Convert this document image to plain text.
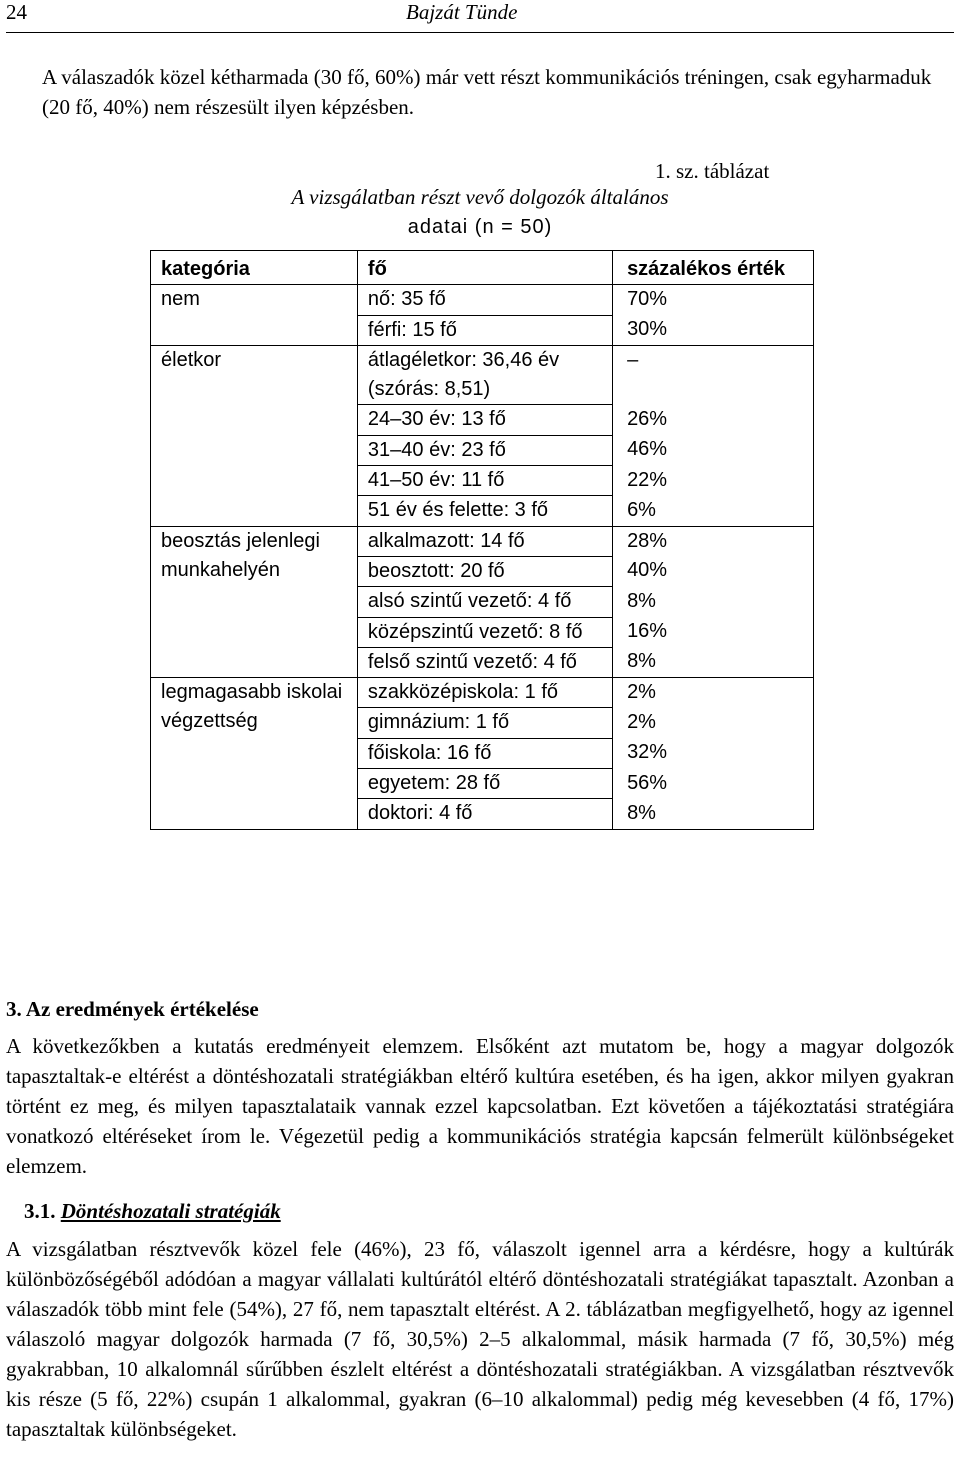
24	Bajzát Tünde
A válaszadók közel kétharmada (30 fő, 60%) már vett részt kommunikációs tréningen, csak egyharmaduk (20 fő, 40%) nem részesült ilyen képzésben.
1. sz. táblázat
A vizsgálatban részt vevő dolgozók általános
adatai (n = 50)
kategória	fő	százalékos érték
nem	nő: 35 fő	70%
	férfi: 15 fő	30%
életkor	átlagéletkor: 36,46 év (szórás: 8,51)	–
	24–30 év: 13 fő	26%
	31–40 év: 23 fő	46%
	41–50 év: 11 fő	22%
	51 év és felette: 3 fő	6%
beosztás jelenlegi munkahelyén	alkalmazott: 14 fő	28%
	beosztott: 20 fő	40%
	alsó szintű vezető: 4 fő	8%
	középszintű vezető: 8 fő	16%
	felső szintű vezető: 4 fő	8%
legmagasabb iskolai végzettség	szakközépiskola: 1 fő	2%
	gimnázium: 1 fő	2%
	főiskola: 16 fő	32%
	egyetem: 28 fő	56%
	doktori: 4 fő	8%
3. Az eredmények értékelése
A következőkben a kutatás eredményeit elemzem. Elsőként azt mutatom be, hogy a magyar dolgozók tapasztaltak-e eltérést a döntéshozatali stratégiákban eltérő kultúra esetében, és ha igen, akkor milyen gyakran történt ez meg, és milyen tapasztalataik vannak ezzel kapcsolatban. Ezt követően a tájékoztatási stratégiára vonatkozó eltéréseket írom le. Végezetül pedig a kommunikációs stratégia kapcsán felmerült különbségeket elemzem.
3.1. Döntéshozatali stratégiák
A vizsgálatban résztvevők közel fele (46%), 23 fő, válaszolt igennel arra a kérdésre, hogy a kultúrák különbözőségéből adódóan a magyar vállalati kultúrától eltérő döntéshozatali stratégiákat tapasztalt. Azonban a válaszadók több mint fele (54%), 27 fő, nem tapasztalt eltérést. A 2. táblázatban megfigyelhető, hogy az igennel válaszoló magyar dolgozók harmada (7 fő, 30,5%) 2–5 alkalommal, másik harmada (7 fő, 30,5%) még gyakrabban, 10 alkalomnál sűrűbben észlelt eltérést a döntéshozatali stratégiákban. A vizsgálatban résztvevők kis része (5 fő, 22%) csupán 1 alkalommal, gyakran (6–10 alkalommal) pedig még kevesebben (4 fő, 17%) tapasztaltak különbségeket.
